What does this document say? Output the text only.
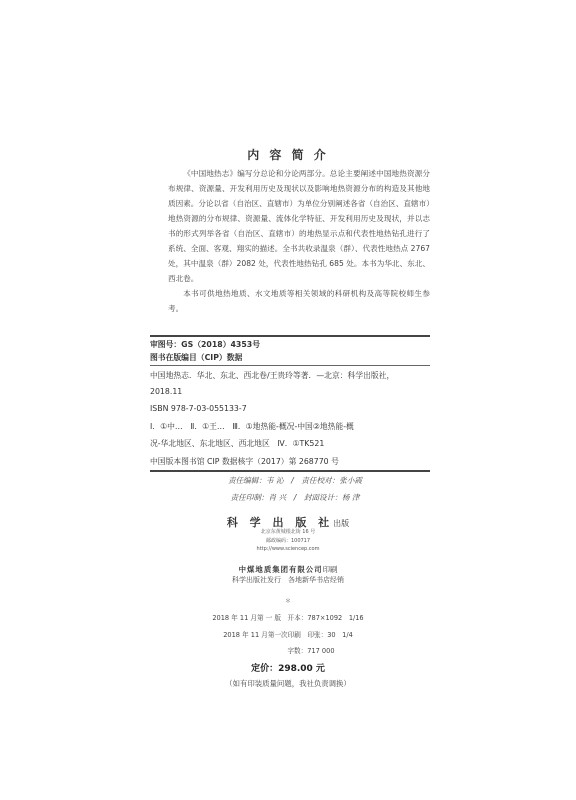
内 容 简 介

《中国地热志》编写分总论和分论两部分。总论主要阐述中国地热资源分布规律、资源量、开发利用历史及现状以及影响地热资源分布的构造及其他地质因素。分论以省（自治区、直辖市）为单位分别阐述各省（自治区、直辖市）地热资源的分布规律、资源量、流体化学特征、开发利用历史及现状，并以志书的形式列举各省（自治区、直辖市）的地热显示点和代表性地热钻孔进行了系统、全面、客观、翔实的描述。全书共收录温泉（群）、代表性地热点 2767 处，其中温泉（群）2082 处，代表性地热钻孔 685 处。本书为华北、东北、西北卷。

本书可供地热地质、水文地质等相关领域的科研机构及高等院校师生参考。

审图号：GS（2018）4353号
图书在版编目（CIP）数据
中国地热志．华北、东北、西北卷/王贵玲等著．—北京：科学出版社，
2018.11
ISBN 978-7-03-055133-7
Ⅰ．①中…　Ⅱ．①王…　Ⅲ．①地热能-概况-中国②地热能-概
况-华北地区、东北地区、西北地区　Ⅳ．①TK521
中国版本图书馆 CIP 数据核字（2017）第 268770 号
责任编辑：韦 沁　/　责任校对：张小霞
责任印制：肖 兴　/　封面设计：杨 津
科 学 出 版 社出版
北京东黄城根北街 16 号
邮政编码：100717
http://www.sciencep.com
中煤地质集团有限公司印刷
科学出版社发行　各地新华书店经销
＊
2018 年 11 月第 一 版　开本：787×1092　1/16
2018 年 11 月第一次印刷　印张：30　1/4
字数：717 000
定价：298.00 元
（如有印装质量问题，我社负责调换）
